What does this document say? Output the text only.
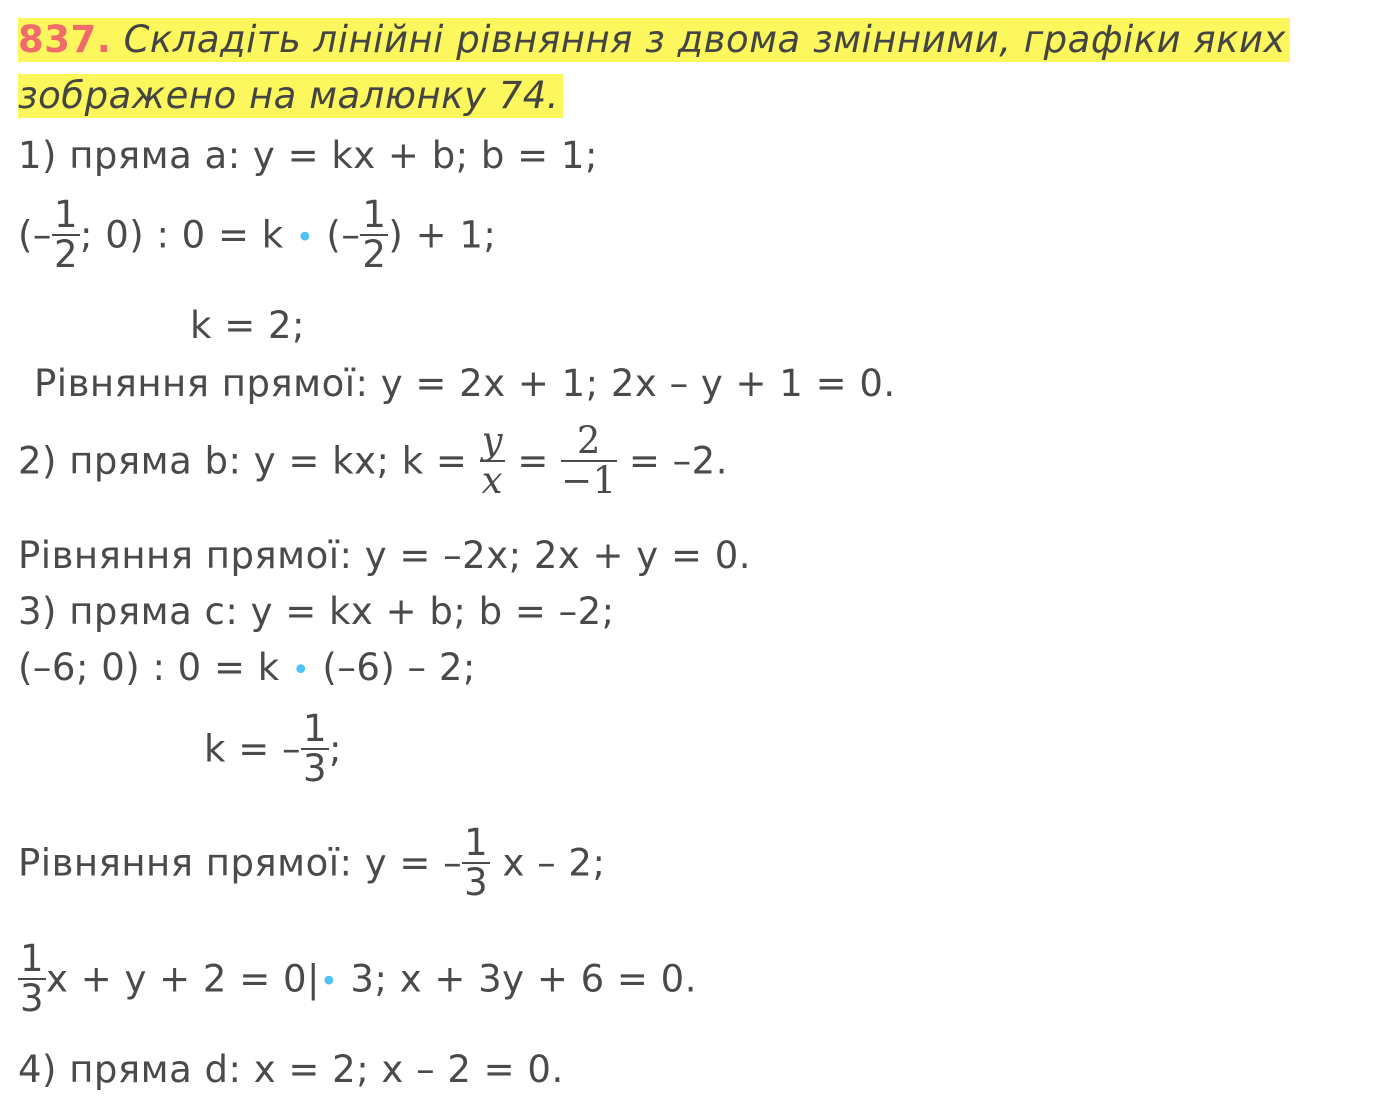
837. Складіть лінійні рівняння з двома змінними, графіки яких
зображено на малюнку 74.
1) пряма а: у = kх + b; b = 1;
(– $\frac{1}{2}$ ; 0) : 0 = k • (– $\frac{1}{2}$ ) + 1;
k = 2;
Рівняння прямої: у = 2х + 1; 2х – у + 1 = 0.
2) пряма b: у = kх; $k = \frac{y}{x} = \frac{2}{-1} = -2$.
Рівняння прямої: у = –2х; 2х + у = 0.
3) пряма с: у = kх + b; b = –2;
(–6; 0) : 0 = k • (–6) – 2;
k = – $\frac{1}{3}$ ;
Рівняння прямої: у = – $\frac{1}{3}$ х – 2;
$\frac{1}{3}$ х + у + 2 = 0|• 3; х + 3у + 6 = 0.
4) пряма d: х = 2; х – 2 = 0.
